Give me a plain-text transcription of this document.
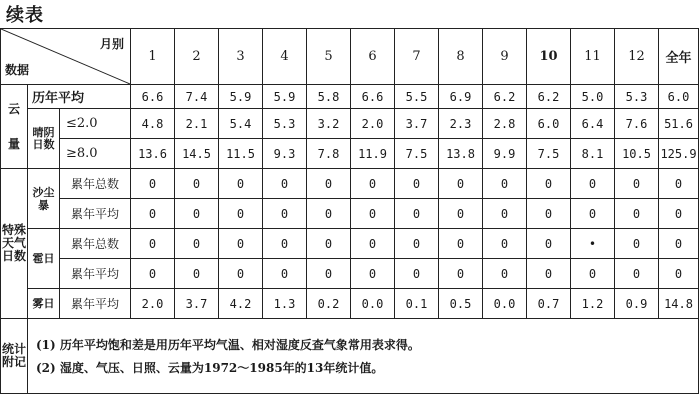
续表
月别
数据			1	2	3	4	5	6	7	8	9	10	11	12	全年

云
量	历年平均		6.6	7.4	5.9	5.9	5.8	6.6	5.5	6.9	6.2	6.2	5.0	5.3	6.0
	晴阴日数	≤2.0	4.8	2.1	5.4	5.3	3.2	2.0	3.7	2.3	2.8	6.0	6.4	7.6	51.6
		≥8.0	13.6	14.5	11.5	9.3	7.8	11.9	7.5	13.8	9.9	7.5	8.1	10.5	125.9
特殊天气日数	沙尘暴	累年总数	0	0	0	0	0	0	0	0	0	0	0	0	0
		累年平均	0	0	0	0	0	0	0	0	0	0	0	0	0
	雹日	累年总数	0	0	0	0	0	0	0	0	0	0	•	0	0
		累年平均	0	0	0	0	0	0	0	0	0	0	0	0	0
	雾日	累年平均	2.0	3.7	4.2	1.3	0.2	0.0	0.1	0.5	0.0	0.7	1.2	0.9	14.8
统计附记	(1) 历年平均饱和差是用历年平均气温、相对湿度反查气象常用表求得。
(2) 湿度、气压、日照、云量为1972～1985年的13年统计值。														
